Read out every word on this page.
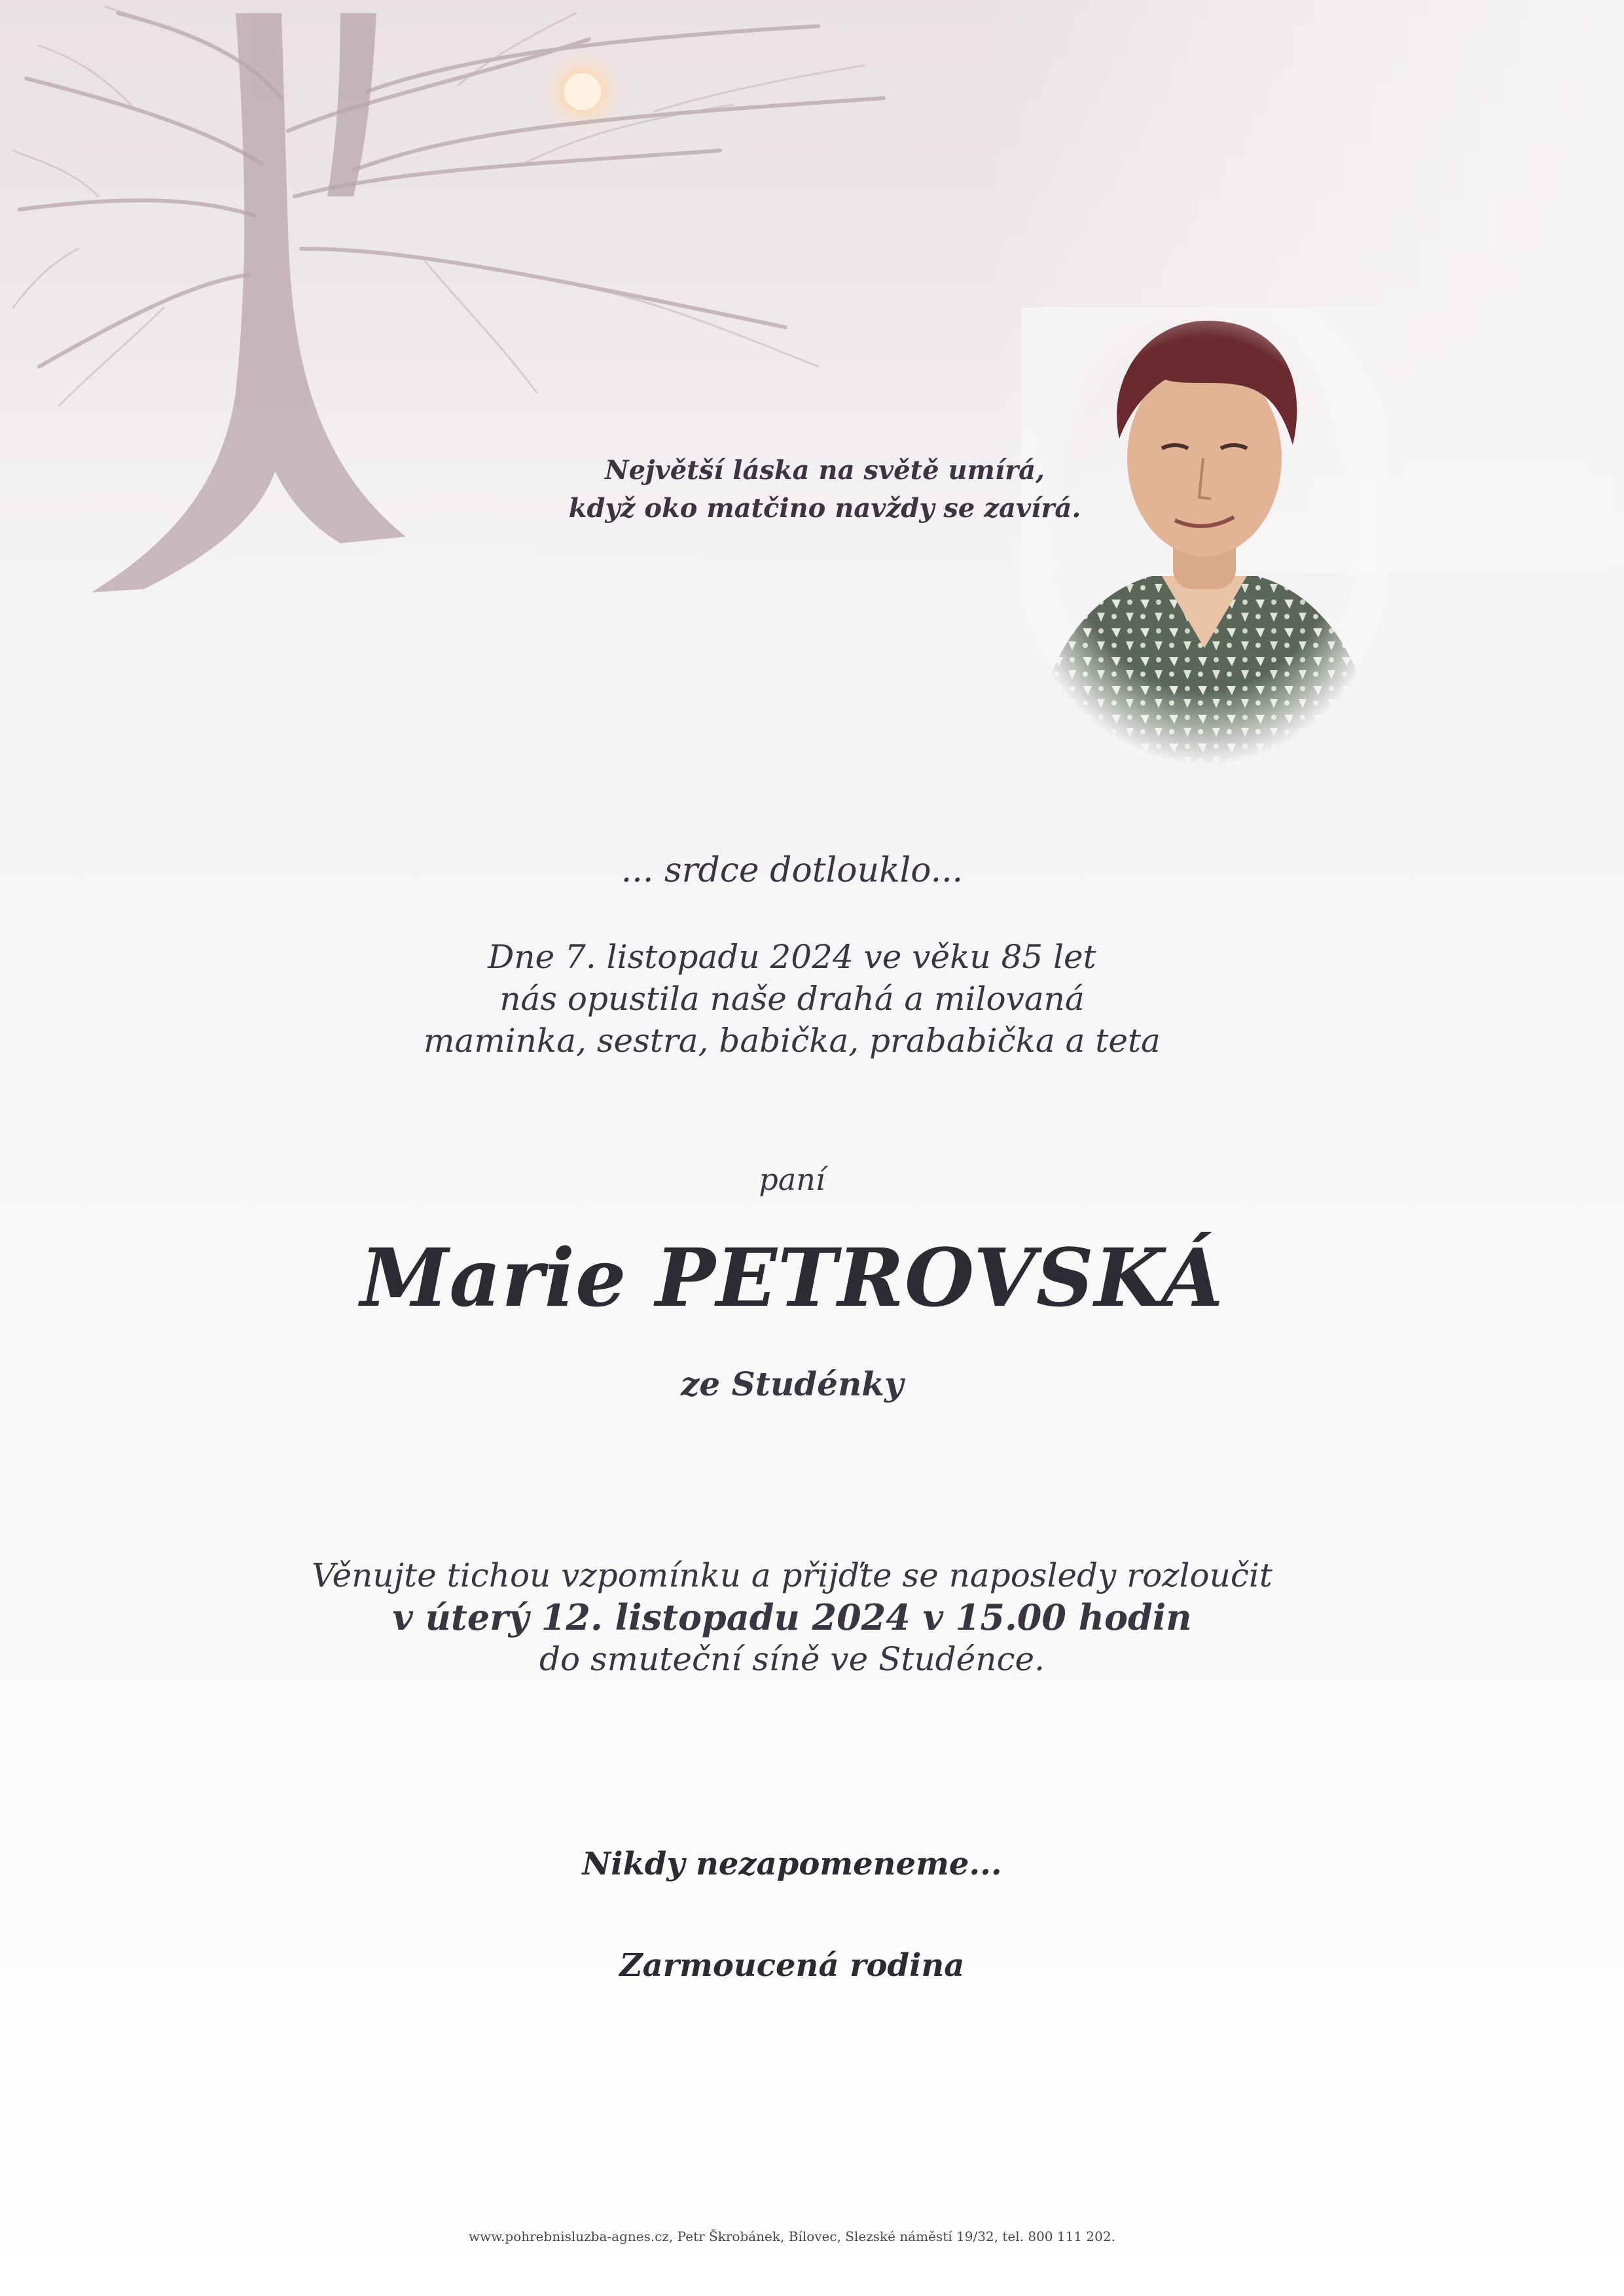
Největší láska na světě umírá,
když oko matčino navždy se zavírá.

... srdce dotlouklo...

Dne 7. listopadu 2024 ve věku 85 let
nás opustila naše drahá a milovaná
maminka, sestra, babička, prababička a teta

paní

Marie PETROVSKÁ

ze Studénky

Věnujte tichou vzpomínku a přijďte se naposledy rozloučit
v úterý 12. listopadu 2024 v 15.00 hodin
do smuteční síně ve Studénce.

Nikdy nezapomeneme...

Zarmoucená rodina

www.pohrebnisluzba-agnes.cz, Petr Škrobánek, Bílovec, Slezské náměstí 19/32, tel. 800 111 202.
